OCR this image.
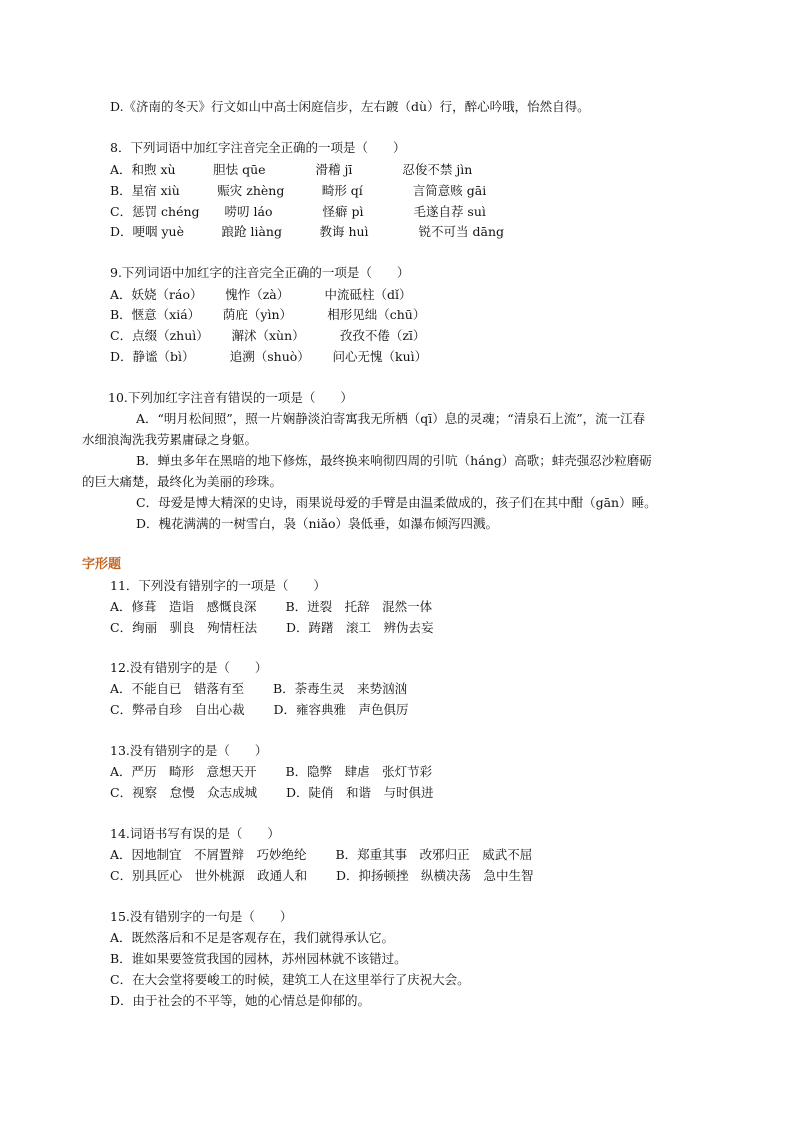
D.《济南的冬天》行文如山中高士闲庭信步，左右踱（dù）行，醉心吟哦，怡然自得。
8．下列词语中加红字注音完全正确的一项是（　　）
A．和煦 xù　　　胆怯 qūe　　　　滑稽 jī　　　　忍俊不禁 jìn
B．星宿 xiù　　　赈灾 zhèng　　　畸形 qí　　　　言简意赅 gāi
C．惩罚 chéng　　唠叨 láo　　　　怪癖 pì　　　　毛遂自荐 suì
D．哽咽 yuè　　　踉跄 liàng　　　教诲 huì　　　　锐不可当 dāng
9.下列词语中加红字的注音完全正确的一项是（　　）
A．妖娆（ráo）　　 愧怍（zà）　　　 中流砥柱（dǐ）
B．惬意（xiá）　　 荫庇（yìn）　　　 相形见绌（chū）
C．点缀（zhuì）　　 澥沭（xùn）　　　 孜孜不倦（zī）
D．静谧（bì）　　　 追溯（shuò）　　 问心无愧（kuì）
10.下列加红字注音有错误的一项是（　　）
A．“明月松间照”，照一片娴静淡泊寄寓我无所栖（qī）息的灵魂；“清泉石上流”，流一江春
水细浪淘洗我劳累庸碌之身躯。
B．蝉虫多年在黑暗的地下修炼，最终换来响彻四周的引吭（háng）高歌；蚌壳强忍沙粒磨砺
的巨大痛楚，最终化为美丽的珍珠。
C．母爱是博大精深的史诗，雨果说母爱的手臂是由温柔做成的，孩子们在其中酣（gān）睡。
D．槐花满满的一树雪白，袅（niǎo）袅低垂，如瀑布倾泻四溅。
字形题
11．下列没有错别字的一项是（　　）
A．修葺　造诣　感慨良深　　 B．迸裂　托辞　混然一体
C．绚丽　驯良　殉情枉法　　 D．踌躇　滚工　辨伪去妄
12.没有错别字的是（　　）
A．不能自已　错落有至　　 B．荼毒生灵　来势汹汹
C．弊帚自珍　自出心裁　　 D．雍容典雅　声色俱厉
13.没有错别字的是（　　）
A．严历　畸形　意想天开　　 B．隐弊　肆虐　张灯节彩
C．视察　怠慢　众志成城　　 D．陡俏　和谐　与时俱进
14.词语书写有误的是（　　）
A．因地制宜　不屑置辩　巧妙绝纶　　 B．郑重其事　改邪归正　威武不屈
C．别具匠心　世外桃源　政通人和　　 D．抑扬顿挫　纵横决荡　急中生智
15.没有错别字的一句是（　　）
A．既然落后和不足是客观存在，我们就得承认它。
B．谁如果要签赏我国的园林，苏州园林就不该错过。
C．在大会堂将要峻工的时候，建筑工人在这里举行了庆祝大会。
D．由于社会的不平等，她的心情总是仰郁的。
